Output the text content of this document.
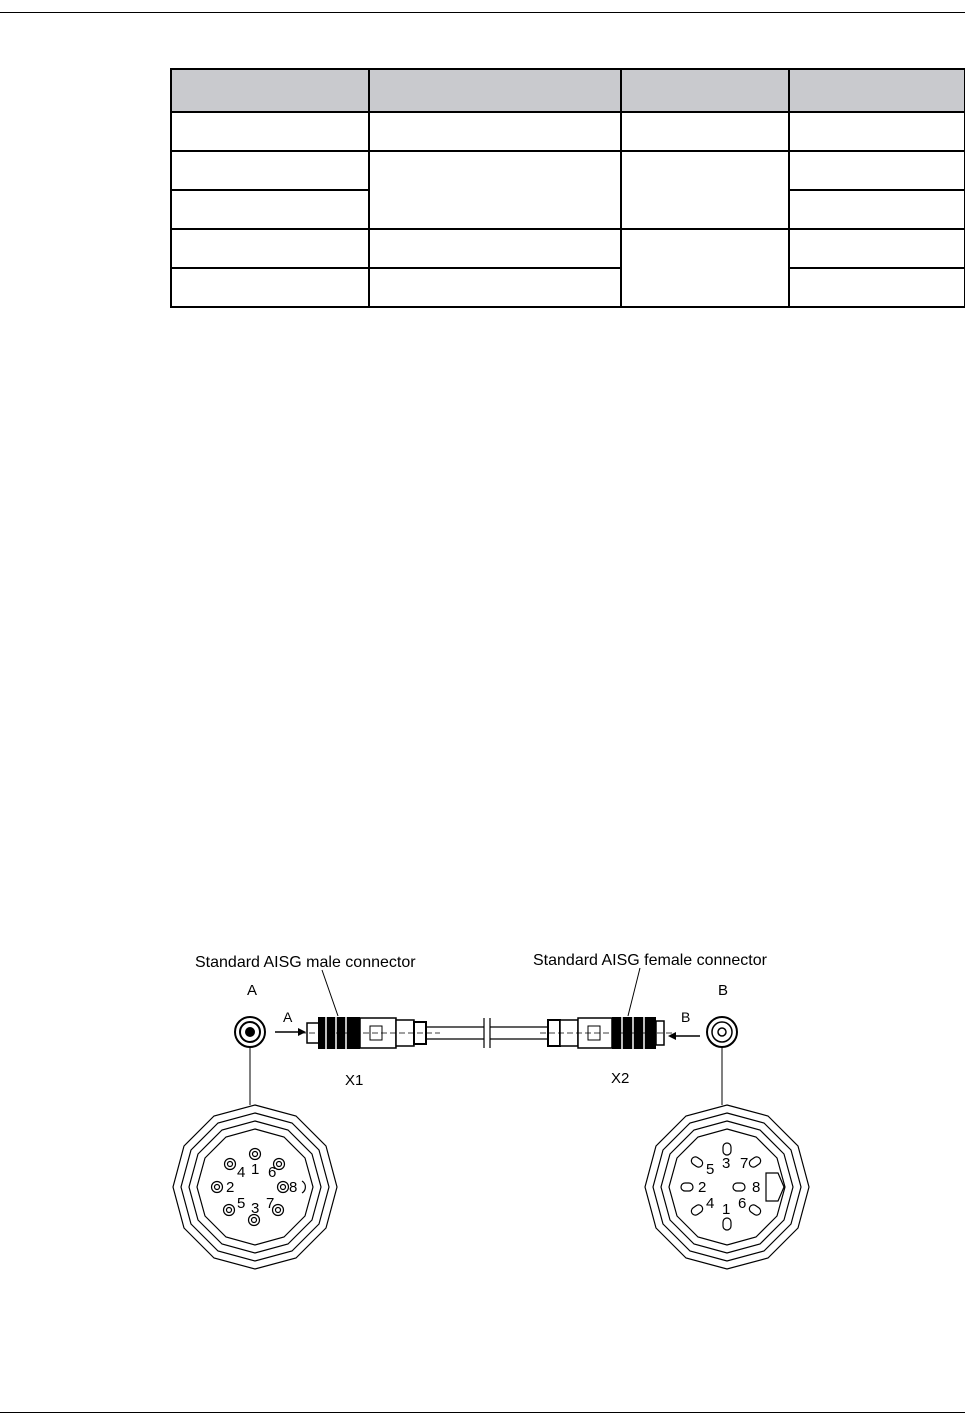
Standard AISG male connector	Standard AISG female connector
A	B
X1	X2
A	B
1
2
3
4
5
6
7
8
1
2
3
4
5
6
7
8
